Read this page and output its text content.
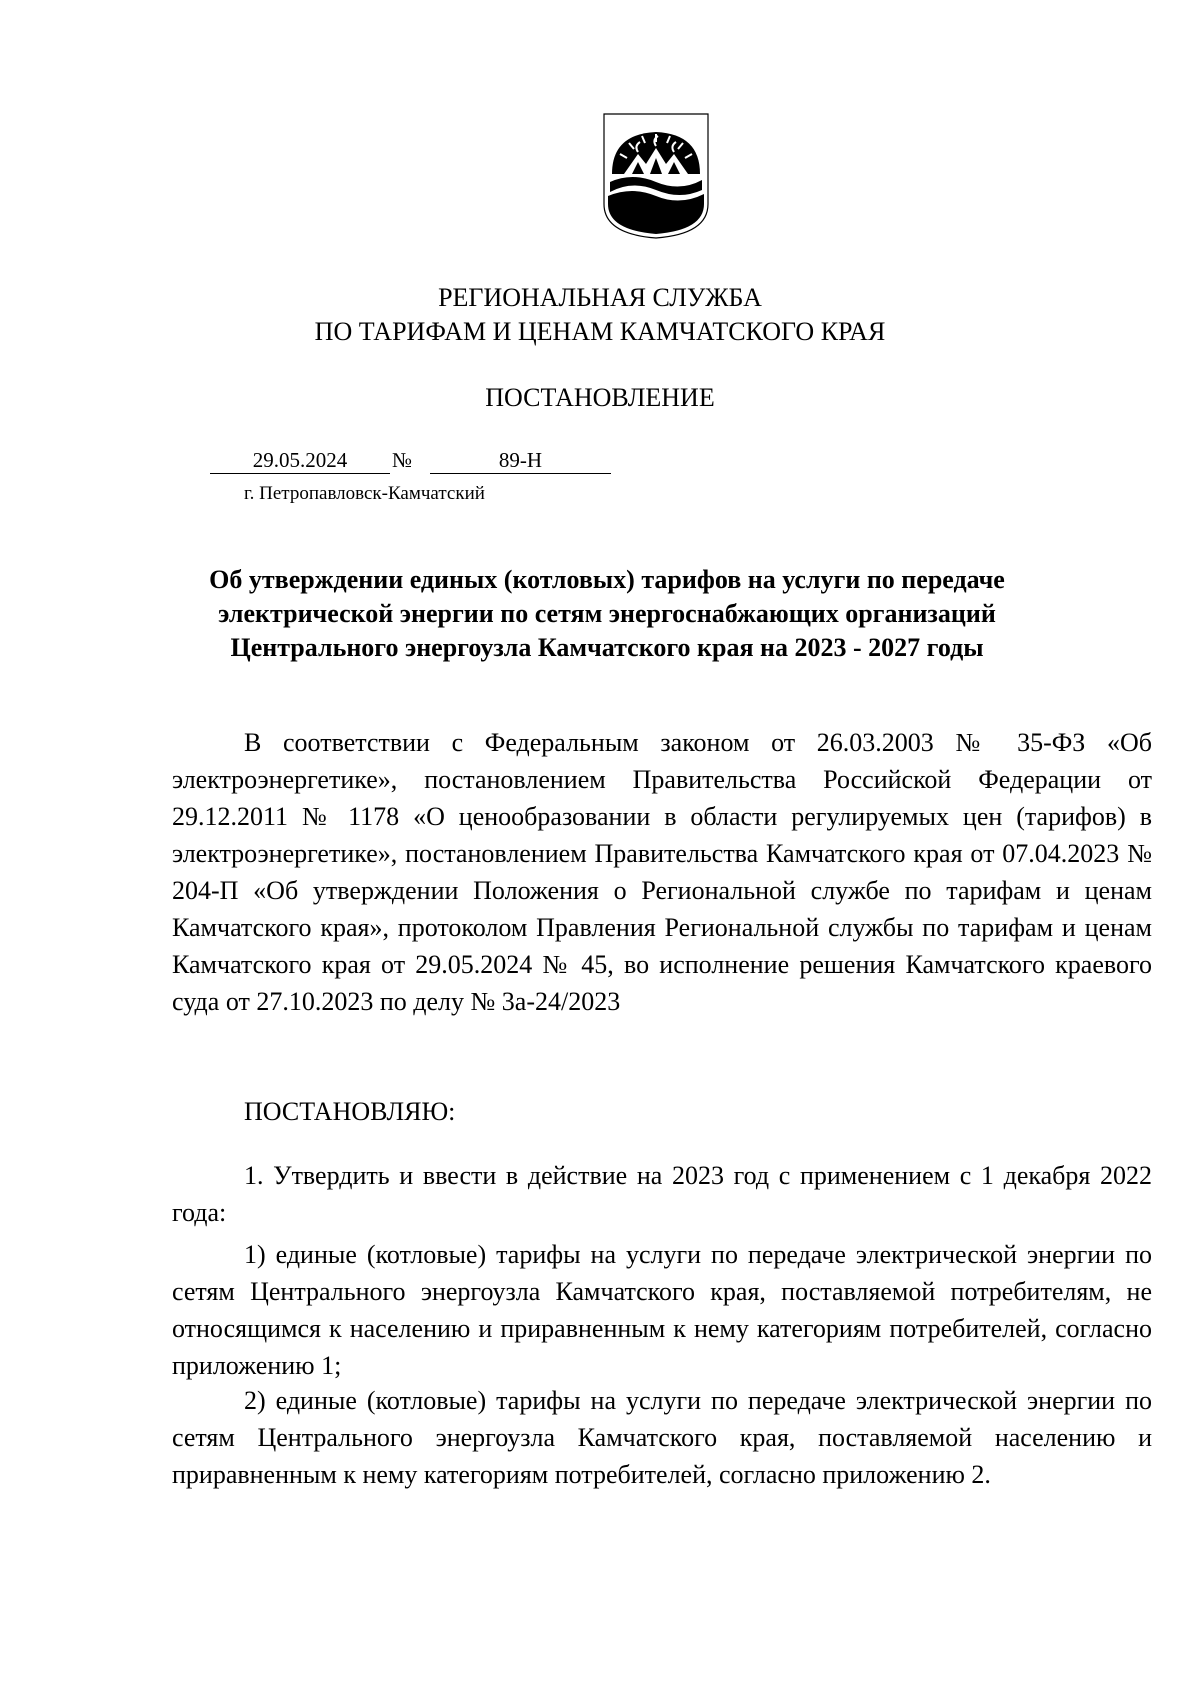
РЕГИОНАЛЬНАЯ СЛУЖБА
ПО ТАРИФАМ И ЦЕНАМ КАМЧАТСКОГО КРАЯ
ПОСТАНОВЛЕНИЕ
29.05.2024	№	89-Н
г. Петропавловск-Камчатский
Об утверждении единых (котловых) тарифов на услуги по передаче
электрической энергии по сетям энергоснабжающих организаций
Центрального энергоузла Камчатского края на 2023 - 2027 годы
В соответствии с Федеральным законом от 26.03.2003 № 35-ФЗ «Об электроэнергетике», постановлением Правительства Российской Федерации от 29.12.2011 № 1178 «О ценообразовании в области регулируемых цен (тарифов) в электроэнергетике», постановлением Правительства Камчатского края от 07.04.2023 № 204-П «Об утверждении Положения о Региональной службе по тарифам и ценам Камчатского края», протоколом Правления Региональной службы по тарифам и ценам Камчатского края от 29.05.2024 № 45, во исполнение решения Камчатского краевого суда от 27.10.2023 по делу № 3а-24/2023
ПОСТАНОВЛЯЮ:
1. Утвердить и ввести в действие на 2023 год с применением с 1 декабря 2022 года:
1) единые (котловые) тарифы на услуги по передаче электрической энергии по сетям Центрального энергоузла Камчатского края, поставляемой потребителям, не относящимся к населению и приравненным к нему категориям потребителей, согласно приложению 1;
2) единые (котловые) тарифы на услуги по передаче электрической энергии по сетям Центрального энергоузла Камчатского края, поставляемой населению и приравненным к нему категориям потребителей, согласно приложению 2.
